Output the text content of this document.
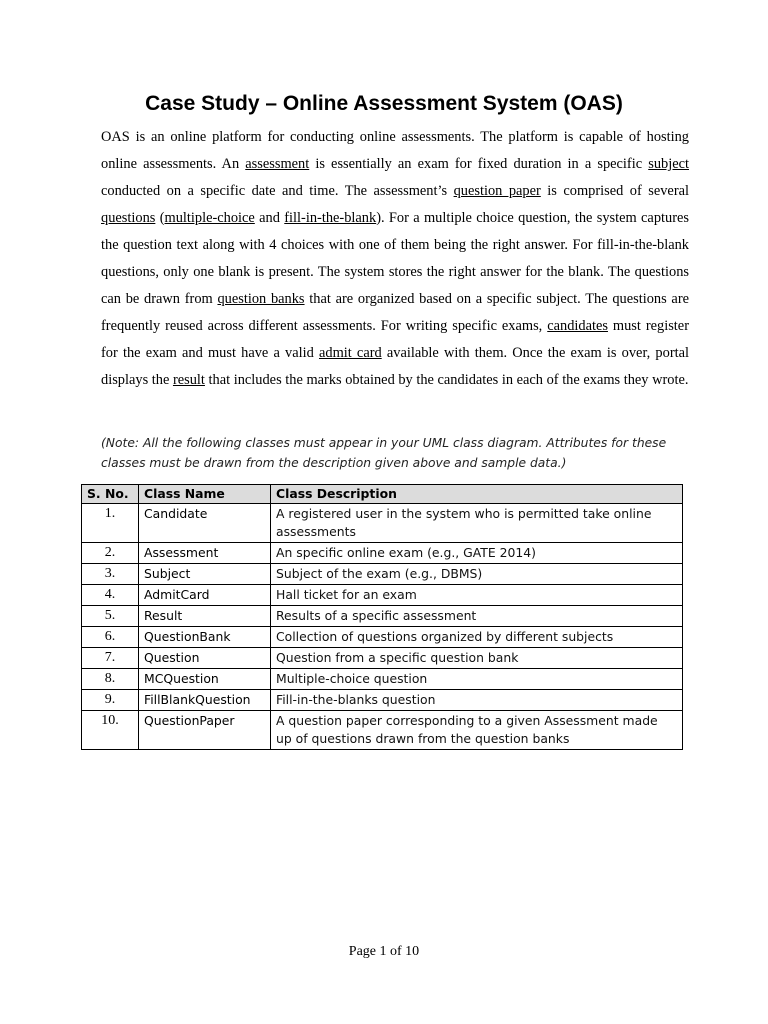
Case Study – Online Assessment System (OAS)

OAS is an online platform for conducting online assessments. The platform is capable of hosting online assessments. An assessment is essentially an exam for fixed duration in a specific subject conducted on a specific date and time. The assessment’s question paper is comprised of several questions (multiple-choice and fill-in-the-blank). For a multiple choice question, the system captures the question text along with 4 choices with one of them being the right answer. For fill-in-the-blank questions, only one blank is present. The system stores the right answer for the blank. The questions can be drawn from question banks that are organized based on a specific subject. The questions are frequently reused across different assessments. For writing specific exams, candidates must register for the exam and must have a valid admit card available with them. Once the exam is over, portal displays the result that includes the marks obtained by the candidates in each of the exams they wrote.

(Note: All the following classes must appear in your UML class diagram. Attributes for these classes must be drawn from the description given above and sample data.)

S. No.	Class Name	Class Description
1.	Candidate	A registered user in the system who is permitted take online assessments
2.	Assessment	An specific online exam (e.g., GATE 2014)
3.	Subject	Subject of the exam (e.g., DBMS)
4.	AdmitCard	Hall ticket for an exam
5.	Result	Results of a specific assessment
6.	QuestionBank	Collection of questions organized by different subjects
7.	Question	Question from a specific question bank
8.	MCQuestion	Multiple-choice question
9.	FillBlankQuestion	Fill-in-the-blanks question
10.	QuestionPaper	A question paper corresponding to a given Assessment made up of questions drawn from the question banks

Page 1 of 10
